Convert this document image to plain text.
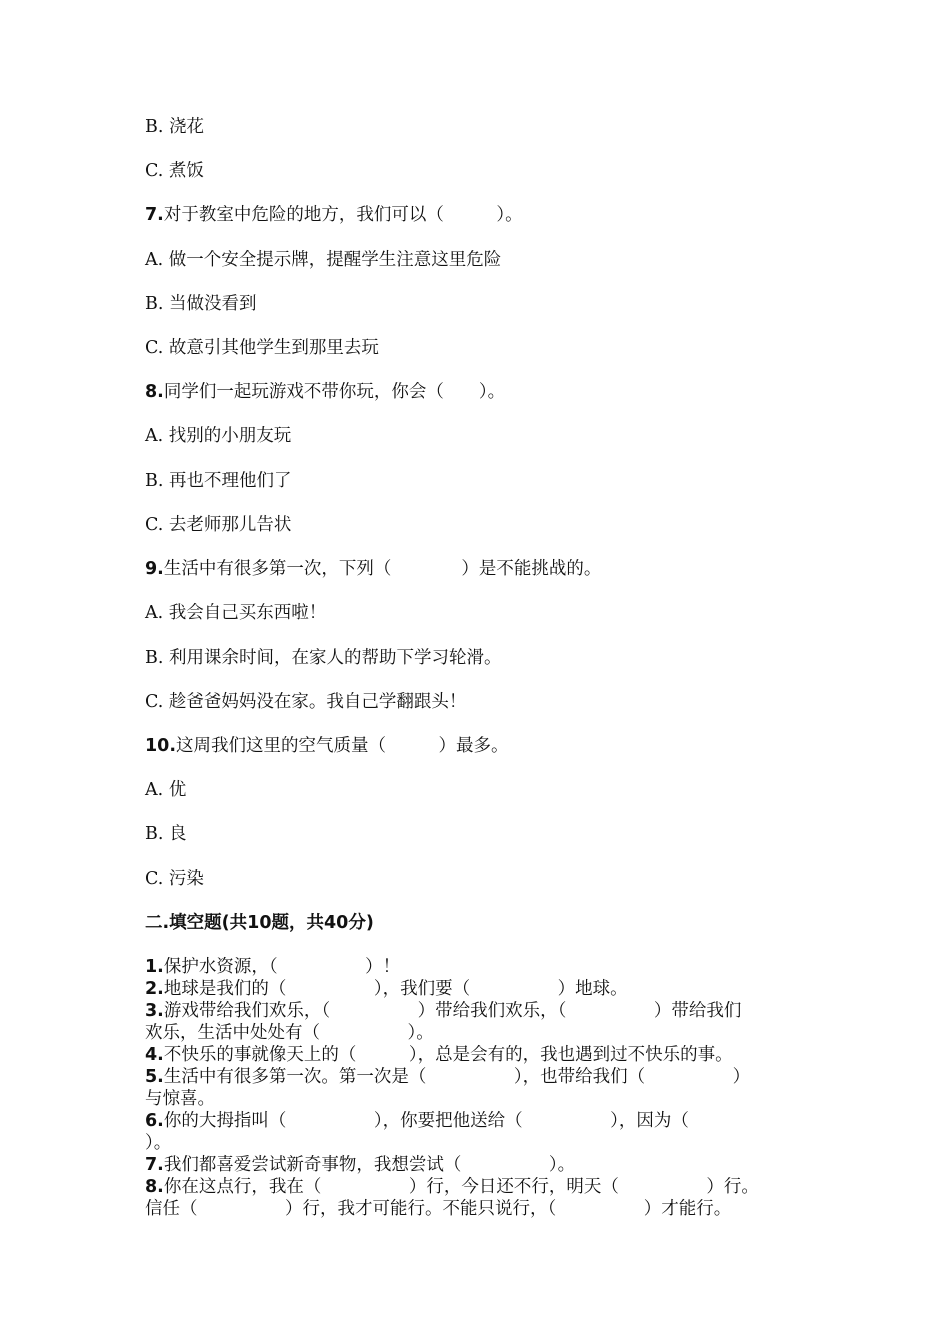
B. 浇花
C. 煮饭
7.对于教室中危险的地方，我们可以（　　　）。
A. 做一个安全提示牌，提醒学生注意这里危险
B. 当做没看到
C. 故意引其他学生到那里去玩
8.同学们一起玩游戏不带你玩，你会（　　）。
A. 找别的小朋友玩
B. 再也不理他们了
C. 去老师那儿告状
9.生活中有很多第一次，下列（　　　　）是不能挑战的。
A. 我会自己买东西啦！
B. 利用课余时间，在家人的帮助下学习轮滑。
C. 趁爸爸妈妈没在家。我自己学翻跟头！
10.这周我们这里的空气质量（　　　）最多。
A. 优
B. 良
C. 污染
二.填空题(共10题，共40分)
1.保护水资源，（　　　　　）！
2.地球是我们的（　　　　　），我们要（　　　　　）地球。
3.游戏带给我们欢乐，（　　　　　）带给我们欢乐，（　　　　　）带给我们
欢乐，生活中处处有（　　　　　）。
4.不快乐的事就像天上的（　　　），总是会有的，我也遇到过不快乐的事。
5.生活中有很多第一次。第一次是（　　　　　），也带给我们（　　　　　）
与惊喜。
6.你的大拇指叫（　　　　　），你要把他送给（　　　　　），因为（
）。
7.我们都喜爱尝试新奇事物，我想尝试（　　　　　）。
8.你在这点行，我在（　　　　　）行，今日还不行，明天（　　　　　）行。
信任（　　　　　）行，我才可能行。不能只说行，（　　　　　）才能行。
